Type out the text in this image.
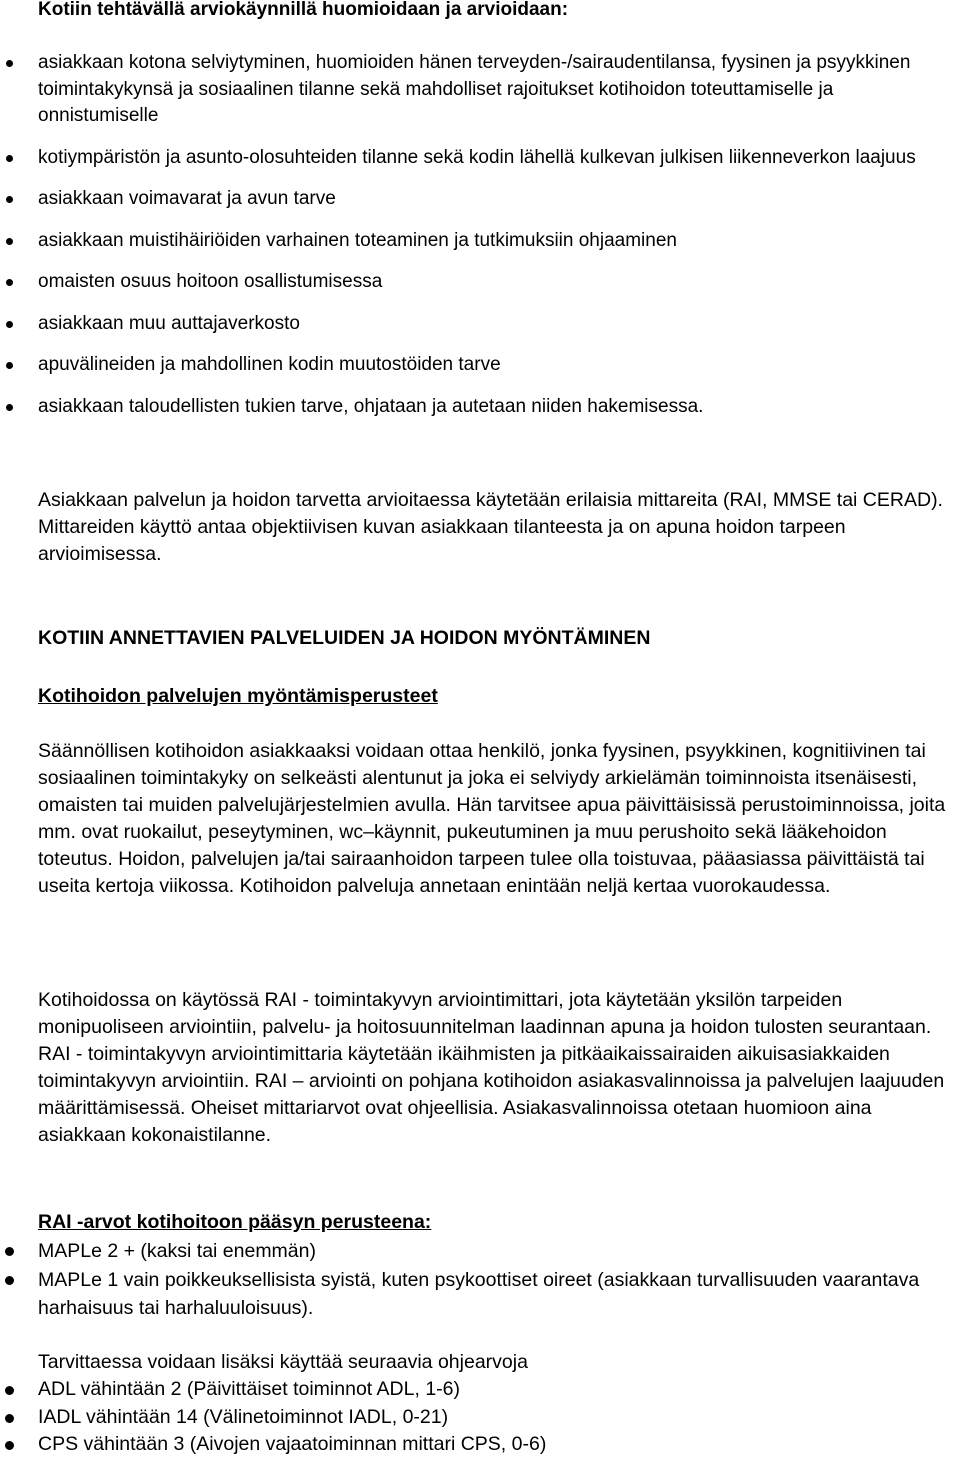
Kotiin tehtävällä arviokäynnillä huomioidaan ja arvioidaan:
asiakkaan kotona selviytyminen, huomioiden hänen terveyden-/sairaudentilansa, fyysinen ja psyykkinen toimintakykynsä ja sosiaalinen tilanne sekä mahdolliset rajoitukset kotihoidon toteuttamiselle ja onnistumiselle
kotiympäristön ja asunto-olosuhteiden tilanne sekä kodin lähellä kulkevan julkisen liikenneverkon laajuus
asiakkaan voimavarat ja avun tarve
asiakkaan muistihäiriöiden varhainen toteaminen ja tutkimuksiin ohjaaminen
omaisten osuus hoitoon osallistumisessa
asiakkaan muu auttajaverkosto
apuvälineiden ja mahdollinen kodin muutostöiden tarve
asiakkaan taloudellisten tukien tarve, ohjataan ja autetaan niiden hakemisessa.
Asiakkaan palvelun ja hoidon tarvetta arvioitaessa käytetään erilaisia mittareita (RAI, MMSE tai CERAD). Mittareiden käyttö antaa objektiivisen kuvan asiakkaan tilanteesta ja on apuna hoidon tarpeen arvioimisessa.
KOTIIN ANNETTAVIEN PALVELUIDEN JA HOIDON MYÖNTÄMINEN
Kotihoidon palvelujen myöntämisperusteet
Säännöllisen kotihoidon asiakkaaksi voidaan ottaa henkilö, jonka fyysinen, psyykkinen, kognitiivinen tai sosiaalinen toimintakyky on selkeästi alentunut ja joka ei selviydy arkielämän toiminnoista itsenäisesti, omaisten tai muiden palvelujärjestelmien avulla. Hän tarvitsee apua päivittäisissä perustoiminnoissa, joita mm. ovat ruokailut, peseytyminen, wc–käynnit, pukeutuminen ja muu perushoito sekä lääkehoidon toteutus. Hoidon, palvelujen ja/tai sairaanhoidon tarpeen tulee olla toistuvaa, pääasiassa päivittäistä tai useita kertoja viikossa. Kotihoidon palveluja annetaan enintään neljä kertaa vuorokaudessa.
Kotihoidossa on käytössä RAI - toimintakyvyn arviointimittari, jota käytetään yksilön tarpeiden monipuoliseen arviointiin, palvelu- ja hoitosuunnitelman laadinnan apuna ja hoidon tulosten seurantaan. RAI - toimintakyvyn arviointimittaria käytetään ikäihmisten ja pitkäaikaissairaiden aikuisasiakkaiden toimintakyvyn arviointiin. RAI – arviointi on pohjana kotihoidon asiakasvalinnoissa ja palvelujen laajuuden määrittämisessä. Oheiset mittariarvot ovat ohjeellisia. Asiakasvalinnoissa otetaan huomioon aina asiakkaan kokonaistilanne.
RAI -arvot kotihoitoon pääsyn perusteena:
MAPLe 2 + (kaksi tai enemmän)
MAPLe 1 vain poikkeuksellisista syistä, kuten psykoottiset oireet (asiakkaan turvallisuuden vaarantava harhaisuus tai harhaluuloisuus).
Tarvittaessa voidaan lisäksi käyttää seuraavia ohjearvoja
ADL vähintään 2 (Päivittäiset toiminnot ADL, 1-6)
IADL vähintään 14 (Välinetoiminnot IADL, 0-21)
CPS vähintään 3 (Aivojen vajaatoiminnan mittari CPS, 0-6)
